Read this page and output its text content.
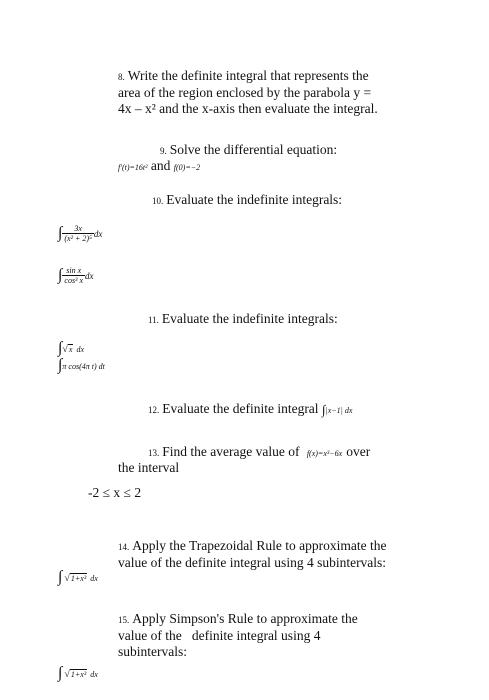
8. Write the definite integral that represents the
area of the region enclosed by the parabola y =
4x – x² and the x-axis then evaluate the integral.
9. Solve the differential equation:
f′(t)=16t² and f(0)=−2
10. Evaluate the indefinite integrals:
∫ $\frac{3x}{\text{(x² + 2)⁵}}$ dx
∫ $\frac{\text{sin x}}{\text{cos³ x}}$ dx
11. Evaluate the indefinite integrals:
∫√x dx
∫π cos(4π t) dt
12. Evaluate the definite integral ∫|x−1| dx
13. Find the average value of f(x)=x³−6x over
the interval
-2 ≤ x ≤ 2
14. Apply the Trapezoidal Rule to approximate the
value of the definite integral using 4 subintervals:
∫ √1+x³ dx
15. Apply Simpson's Rule to approximate the
value of the   definite integral using 4
subintervals:
∫ √1+x³ dx
